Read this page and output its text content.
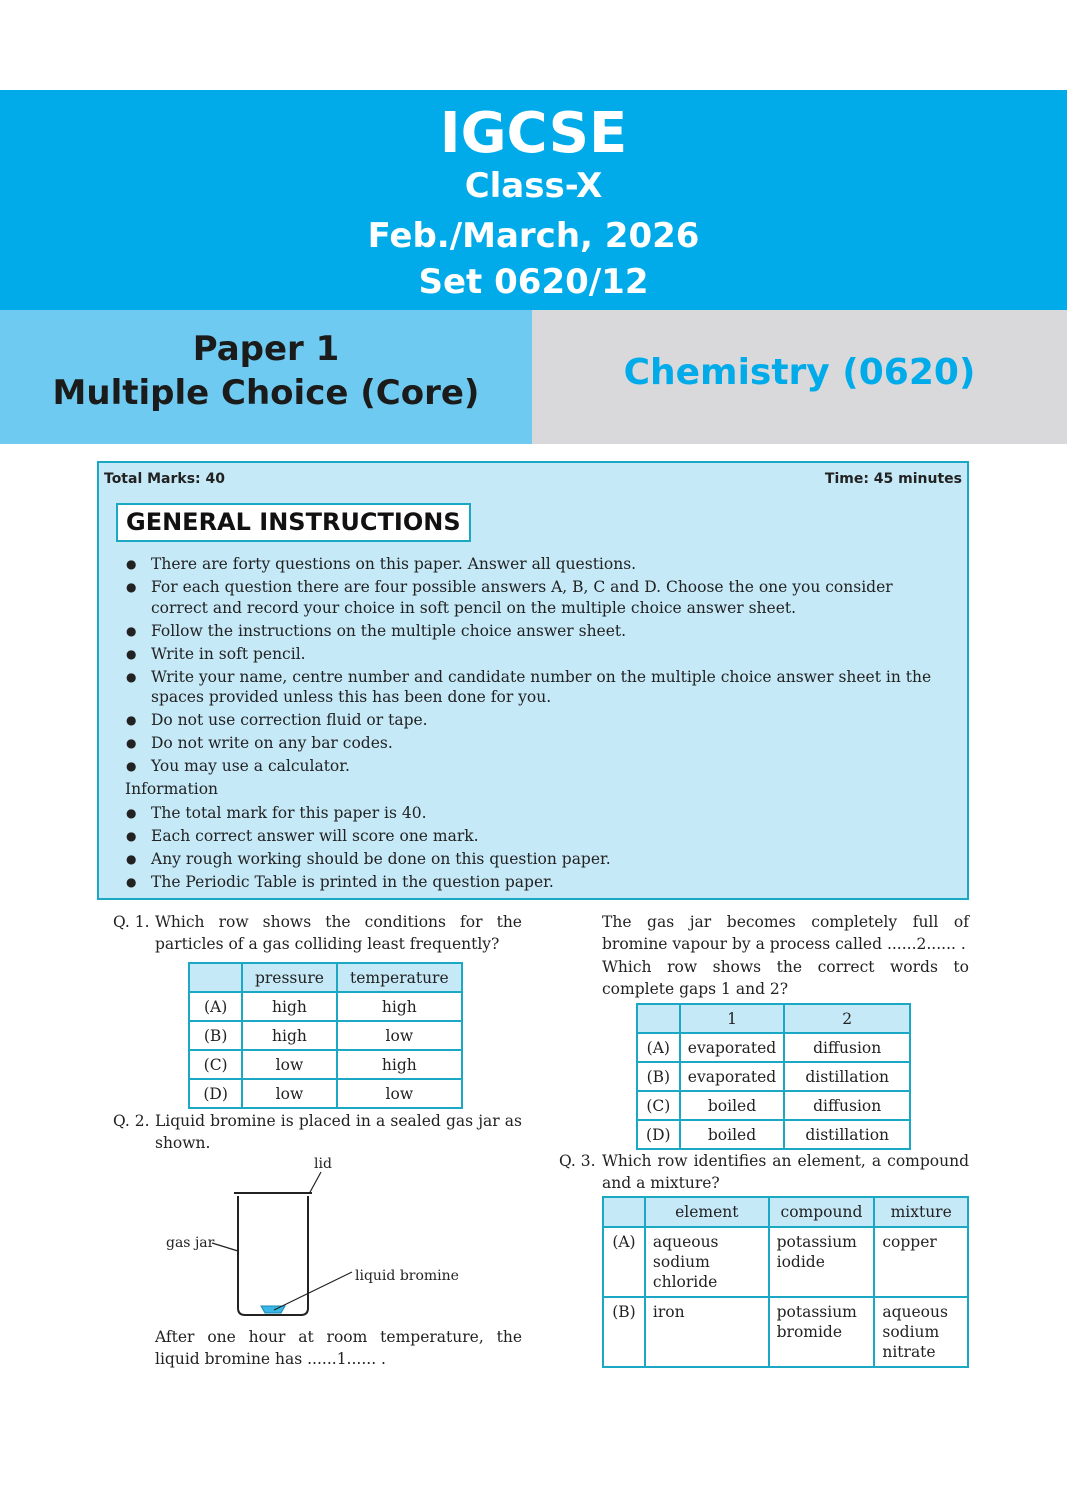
IGCSE
Class-X
Feb./March, 2026
Set 0620/12
Paper 1
Multiple Choice (Core)	Chemistry (0620)
Total Marks: 40	Time: 45 minutes
GENERAL INSTRUCTIONS
● There are forty questions on this paper. Answer all questions.
● For each question there are four possible answers A, B, C and D. Choose the one you consider correct and record your choice in soft pencil on the multiple choice answer sheet.
● Follow the instructions on the multiple choice answer sheet.
● Write in soft pencil.
● Write your name, centre number and candidate number on the multiple choice answer sheet in the spaces provided unless this has been done for you.
● Do not use correction fluid or tape.
● Do not write on any bar codes.
● You may use a calculator.
Information
● The total mark for this paper is 40.
● Each correct answer will score one mark.
● Any rough working should be done on this question paper.
● The Periodic Table is printed in the question paper.
Q. 1. Which row shows the conditions for the particles of a gas colliding least frequently?
	pressure	temperature
(A)	high	high
(B)	high	low
(C)	low	high
(D)	low	low
Q. 2. Liquid bromine is placed in a sealed gas jar as shown.
lid
gas jar
liquid bromine
After one hour at room temperature, the liquid bromine has ......1...... .
The gas jar becomes completely full of bromine vapour by a process called ......2...... .
Which row shows the correct words to complete gaps 1 and 2?
	1	2
(A)	evaporated	diffusion
(B)	evaporated	distillation
(C)	boiled	diffusion
(D)	boiled	distillation
Q. 3. Which row identifies an element, a compound and a mixture?
	element	compound	mixture
(A)	aqueous sodium chloride	potassium iodide	copper
(B)	iron	potassium bromide	aqueous sodium nitrate
